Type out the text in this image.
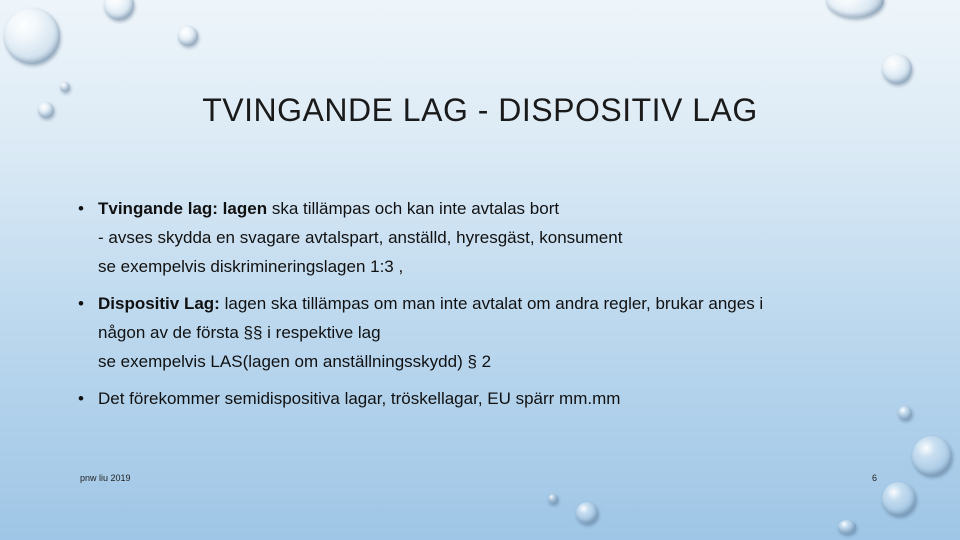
TVINGANDE LAG - DISPOSITIV LAG
• Tvingande lag: lagen ska tillämpas och kan inte avtalas bort

- avses skydda en svagare avtalspart, anställd, hyresgäst, konsument

se exempelvis diskrimineringslagen 1:3 ,

• Dispositiv Lag: lagen ska tillämpas om man inte avtalat om andra regler, brukar anges i

någon av de första §§ i respektive lag

se exempelvis LAS(lagen om anställningsskydd) § 2

• Det förekommer semidispositiva lagar, tröskellagar, EU spärr mm.mm

pnw liu 2019	6
